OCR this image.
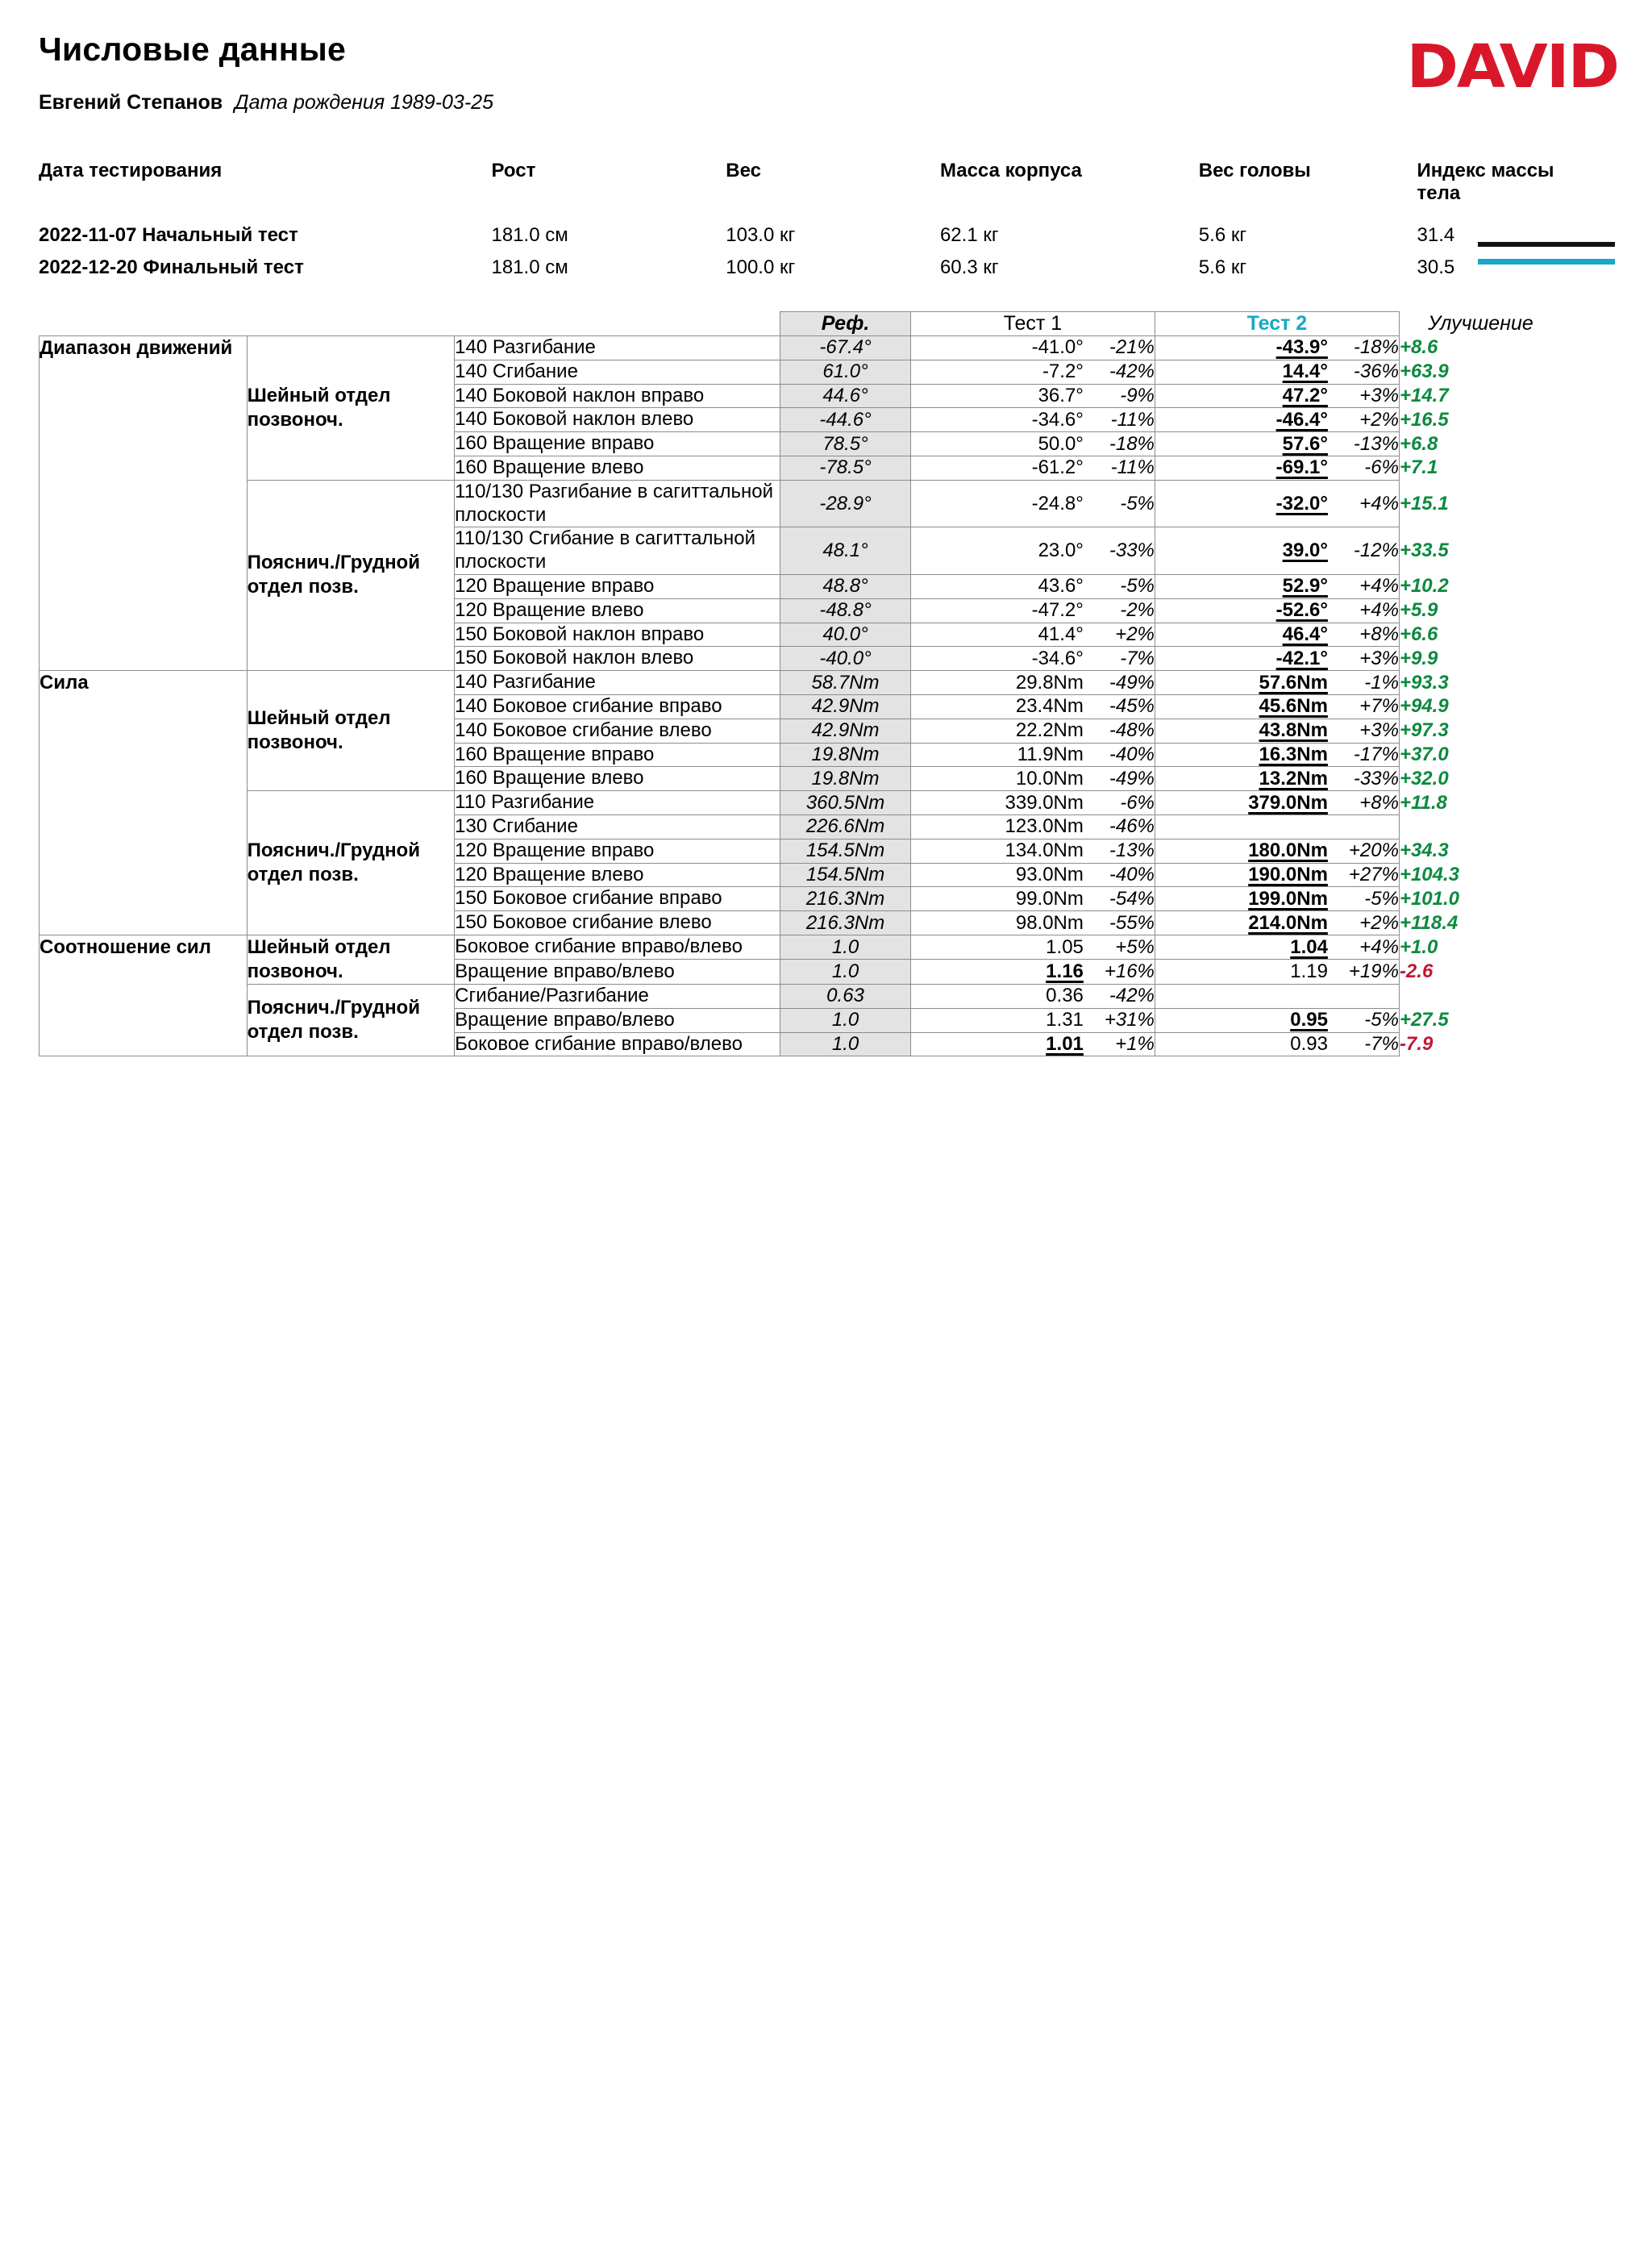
Числовые данные	DAVID
Евгений Степанов Дата рождения 1989-03-25
Дата тестирования	Рост	Вес	Масса корпуса	Вес головы	Индекс массы тела
2022-11-07 Начальный тест	181.0 см	103.0 кг	62.1 кг	5.6 кг	31.4
2022-12-20 Финальный тест	181.0 см	100.0 кг	60.3 кг	5.6 кг	30.5
			Реф.	Тест 1	Тест 2	Улучшение
Диапазон движений	Шейный отдел позвоноч.	140 Разгибание	-67.4°	-41.0° -21%	-43.9° -18%	+8.6
		140 Сгибание	61.0°	-7.2° -42%	14.4° -36%	+63.9
		140 Боковой наклон вправо	44.6°	36.7° -9%	47.2° +3%	+14.7
		140 Боковой наклон влево	-44.6°	-34.6° -11%	-46.4° +2%	+16.5
		160 Вращение вправо	78.5°	50.0° -18%	57.6° -13%	+6.8
		160 Вращение влево	-78.5°	-61.2° -11%	-69.1° -6%	+7.1
	Пояснич./Грудной отдел позв.	110/130 Разгибание в сагиттальной плоскости	-28.9°	-24.8° -5%	-32.0° +4%	+15.1
		110/130 Сгибание в сагиттальной плоскости	48.1°	23.0° -33%	39.0° -12%	+33.5
		120 Вращение вправо	48.8°	43.6° -5%	52.9° +4%	+10.2
		120 Вращение влево	-48.8°	-47.2° -2%	-52.6° +4%	+5.9
		150 Боковой наклон вправо	40.0°	41.4° +2%	46.4° +8%	+6.6
		150 Боковой наклон влево	-40.0°	-34.6° -7%	-42.1° +3%	+9.9
Сила	Шейный отдел позвоноч.	140 Разгибание	58.7Nm	29.8Nm -49%	57.6Nm -1%	+93.3
		140 Боковое сгибание вправо	42.9Nm	23.4Nm -45%	45.6Nm +7%	+94.9
		140 Боковое сгибание влево	42.9Nm	22.2Nm -48%	43.8Nm +3%	+97.3
		160 Вращение вправо	19.8Nm	11.9Nm -40%	16.3Nm -17%	+37.0
		160 Вращение влево	19.8Nm	10.0Nm -49%	13.2Nm -33%	+32.0
	Пояснич./Грудной отдел позв.	110 Разгибание	360.5Nm	339.0Nm -6%	379.0Nm +8%	+11.8
		130 Сгибание	226.6Nm	123.0Nm -46%		
		120 Вращение вправо	154.5Nm	134.0Nm -13%	180.0Nm +20%	+34.3
		120 Вращение влево	154.5Nm	93.0Nm -40%	190.0Nm +27%	+104.3
		150 Боковое сгибание вправо	216.3Nm	99.0Nm -54%	199.0Nm -5%	+101.0
		150 Боковое сгибание влево	216.3Nm	98.0Nm -55%	214.0Nm +2%	+118.4
Соотношение сил	Шейный отдел позвоноч.	Боковое сгибание вправо/влево	1.0	1.05 +5%	1.04 +4%	+1.0
		Вращение вправо/влево	1.0	1.16 +16%	1.19 +19%	-2.6
	Пояснич./Грудной отдел позв.	Сгибание/Разгибание	0.63	0.36 -42%		
		Вращение вправо/влево	1.0	1.31 +31%	0.95 -5%	+27.5
		Боковое сгибание вправо/влево	1.0	1.01 +1%	0.93 -7%	-7.9
